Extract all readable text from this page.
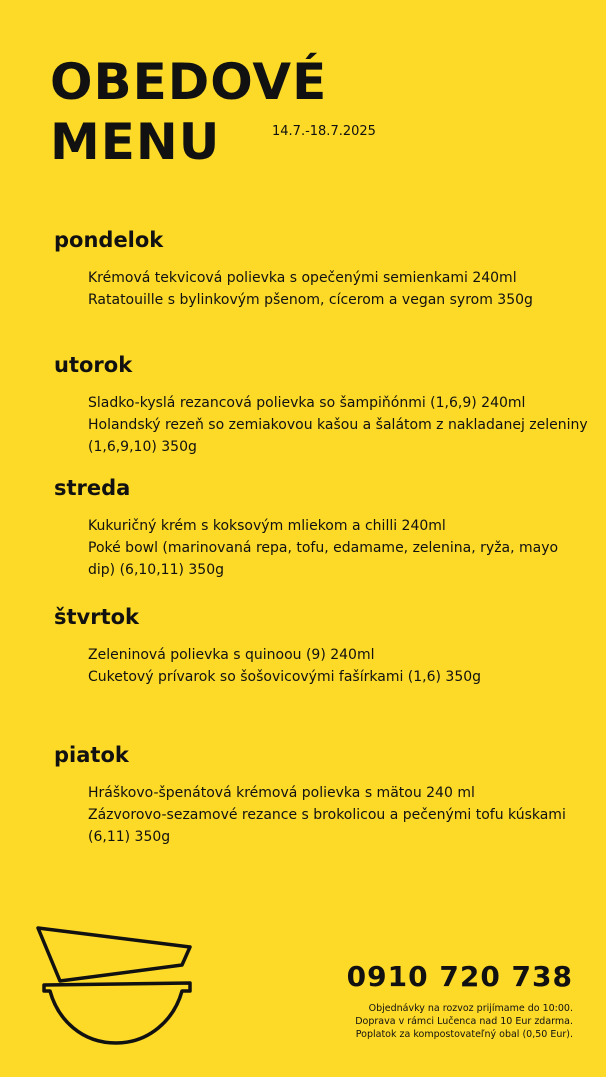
OBEDOVÉ
MENU	14.7.-18.7.2025
pondelok
Krémová tekvicová polievka s opečenými semienkami 240ml
Ratatouille s bylinkovým pšenom, cícerom a vegan syrom 350g
utorok
Sladko-kyslá rezancová polievka so šampiňónmi (1,6,9) 240ml
Holandský rezeň so zemiakovou kašou a šalátom z nakladanej zeleniny (1,6,9,10) 350g
streda
Kukuričný krém s koksovým mliekom a chilli 240ml
Poké bowl (marinovaná repa, tofu, edamame, zelenina, ryža, mayo dip) (6,10,11) 350g
štvrtok
Zeleninová polievka s quinoou (9) 240ml
Cuketový prívarok so šošovicovými fašírkami (1,6) 350g
piatok
Hráškovo-špenátová krémová polievka s mätou 240 ml
Zázvorovo-sezamové rezance s brokolicou a pečenými tofu kúskami (6,11) 350g
0910 720 738
Objednávky na rozvoz prijímame do 10:00.
Doprava v rámci Lučenca nad 10 Eur zdarma.
Poplatok za kompostovateľný obal (0,50 Eur).
